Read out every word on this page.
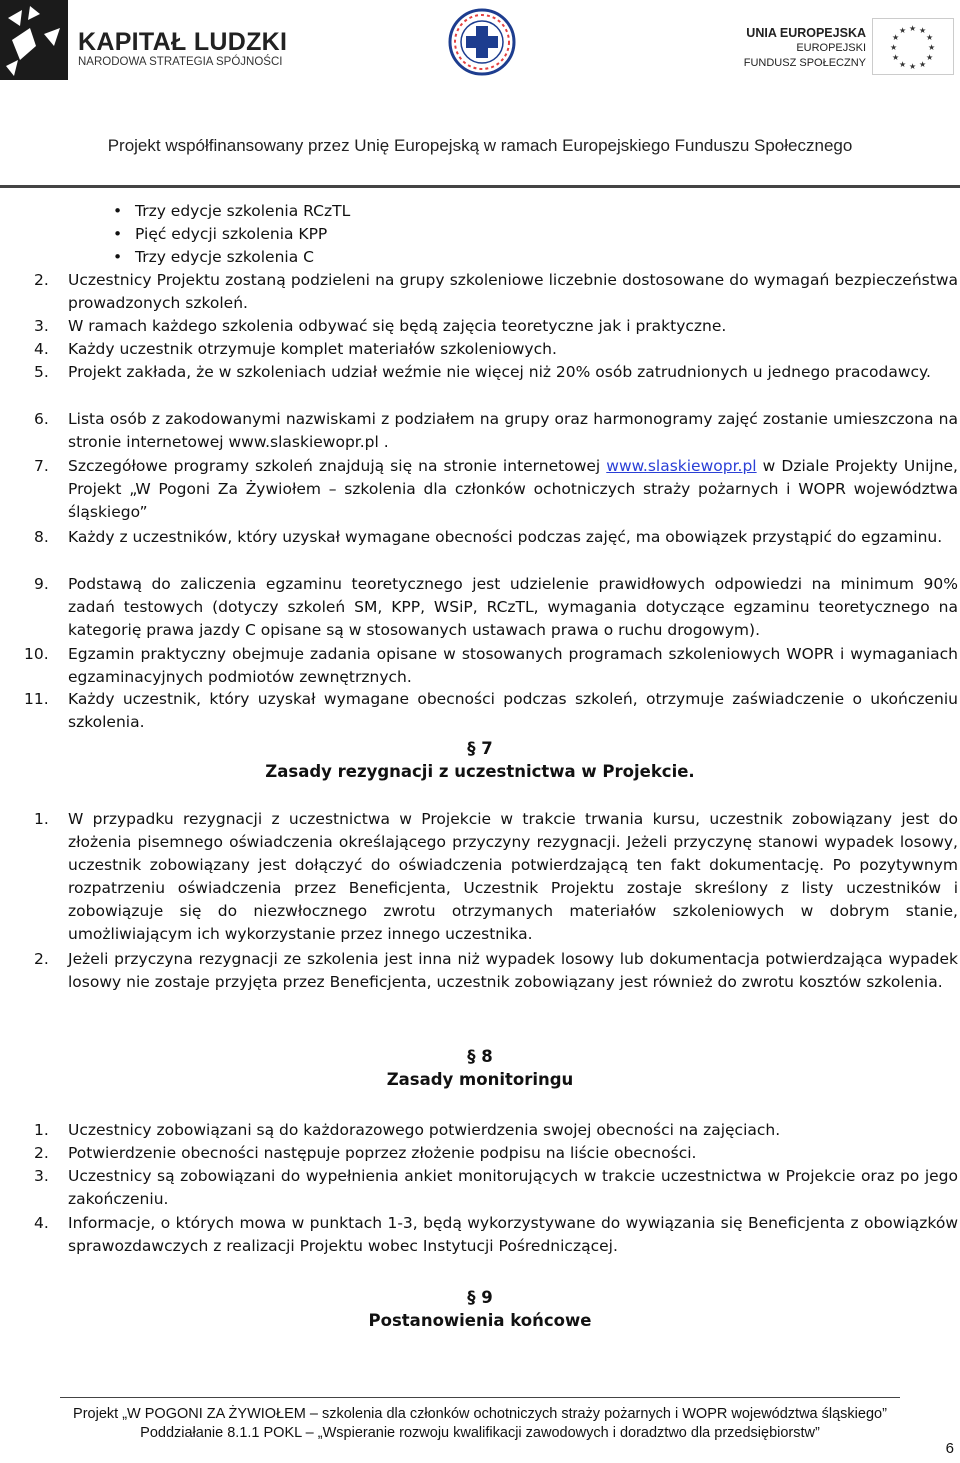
KAPITAŁ LUDZKI
NARODOWA STRATEGIA SPÓJNOŚCI
UNIA EUROPEJSKA
EUROPEJSKI
FUNDUSZ SPOŁECZNY
★ ★
★
★
★
★
★
★
★
★
★
★
Projekt współfinansowany przez Unię Europejską w ramach Europejskiego Funduszu Społecznego
• Trzy edycje szkolenia RCzTL
• Pięć edycji szkolenia KPP
• Trzy edycje szkolenia C
2. Uczestnicy Projektu zostaną podzieleni na grupy szkoleniowe liczebnie dostosowane do wymagań bezpieczeństwa prowadzonych szkoleń.
3. W ramach każdego szkolenia odbywać się będą zajęcia teoretyczne jak i praktyczne.
4. Każdy uczestnik otrzymuje komplet materiałów szkoleniowych.
5. Projekt zakłada, że w szkoleniach udział weźmie nie więcej niż 20% osób zatrudnionych u jednego pracodawcy.
6. Lista osób z zakodowanymi nazwiskami z podziałem na grupy oraz harmonogramy zajęć zostanie umieszczona na stronie internetowej www.slaskiewopr.pl .
7. Szczegółowe programy szkoleń znajdują się na stronie internetowej www.slaskiewopr.pl w Dziale Projekty Unijne, Projekt „W Pogoni Za Żywiołem – szkolenia dla członków ochotniczych straży pożarnych i WOPR województwa śląskiego”
8. Każdy z uczestników, który uzyskał wymagane obecności podczas zajęć, ma obowiązek przystąpić do egzaminu.
9. Podstawą do zaliczenia egzaminu teoretycznego jest udzielenie prawidłowych odpowiedzi na minimum 90% zadań testowych (dotyczy szkoleń SM, KPP, WSiP, RCzTL, wymagania dotyczące egzaminu teoretycznego na kategorię prawa jazdy C opisane są w stosowanych ustawach prawa o ruchu drogowym).
10. Egzamin praktyczny obejmuje zadania opisane w stosowanych programach szkoleniowych WOPR i wymaganiach egzaminacyjnych podmiotów zewnętrznych.
11. Każdy uczestnik, który uzyskał wymagane obecności podczas szkoleń, otrzymuje zaświadczenie o ukończeniu szkolenia.
§ 7
Zasady rezygnacji z uczestnictwa w Projekcie.
1. W przypadku rezygnacji z uczestnictwa w Projekcie w trakcie trwania kursu, uczestnik zobowiązany jest do złożenia pisemnego oświadczenia określającego przyczyny rezygnacji. Jeżeli przyczynę stanowi wypadek losowy, uczestnik zobowiązany jest dołączyć do oświadczenia potwierdzającą ten fakt dokumentację. Po pozytywnym rozpatrzeniu oświadczenia przez Beneficjenta, Uczestnik Projektu zostaje skreślony z listy uczestników i zobowiązuje się do niezwłocznego zwrotu otrzymanych materiałów szkoleniowych w dobrym stanie, umożliwiającym ich wykorzystanie przez innego uczestnika.
2. Jeżeli przyczyna rezygnacji ze szkolenia jest inna niż wypadek losowy lub dokumentacja potwierdzająca wypadek losowy nie zostaje przyjęta przez Beneficjenta, uczestnik zobowiązany jest również do zwrotu kosztów szkolenia.
§ 8
Zasady monitoringu
1. Uczestnicy zobowiązani są do każdorazowego potwierdzenia swojej obecności na zajęciach.
2. Potwierdzenie obecności następuje poprzez złożenie podpisu na liście obecności.
3. Uczestnicy są zobowiązani do wypełnienia ankiet monitorujących w trakcie uczestnictwa w Projekcie oraz po jego zakończeniu.
4. Informacje, o których mowa w punktach 1-3, będą wykorzystywane do wywiązania się Beneficjenta z obowiązków sprawozdawczych z realizacji Projektu wobec Instytucji Pośredniczącej.
§ 9
Postanowienia końcowe
Projekt „W POGONI ZA ŻYWIOŁEM – szkolenia dla członków ochotniczych straży pożarnych i WOPR województwa śląskiego”
Poddziałanie 8.1.1 POKL – „Wspieranie rozwoju kwalifikacji zawodowych i doradztwo dla przedsiębiorstw”
6
